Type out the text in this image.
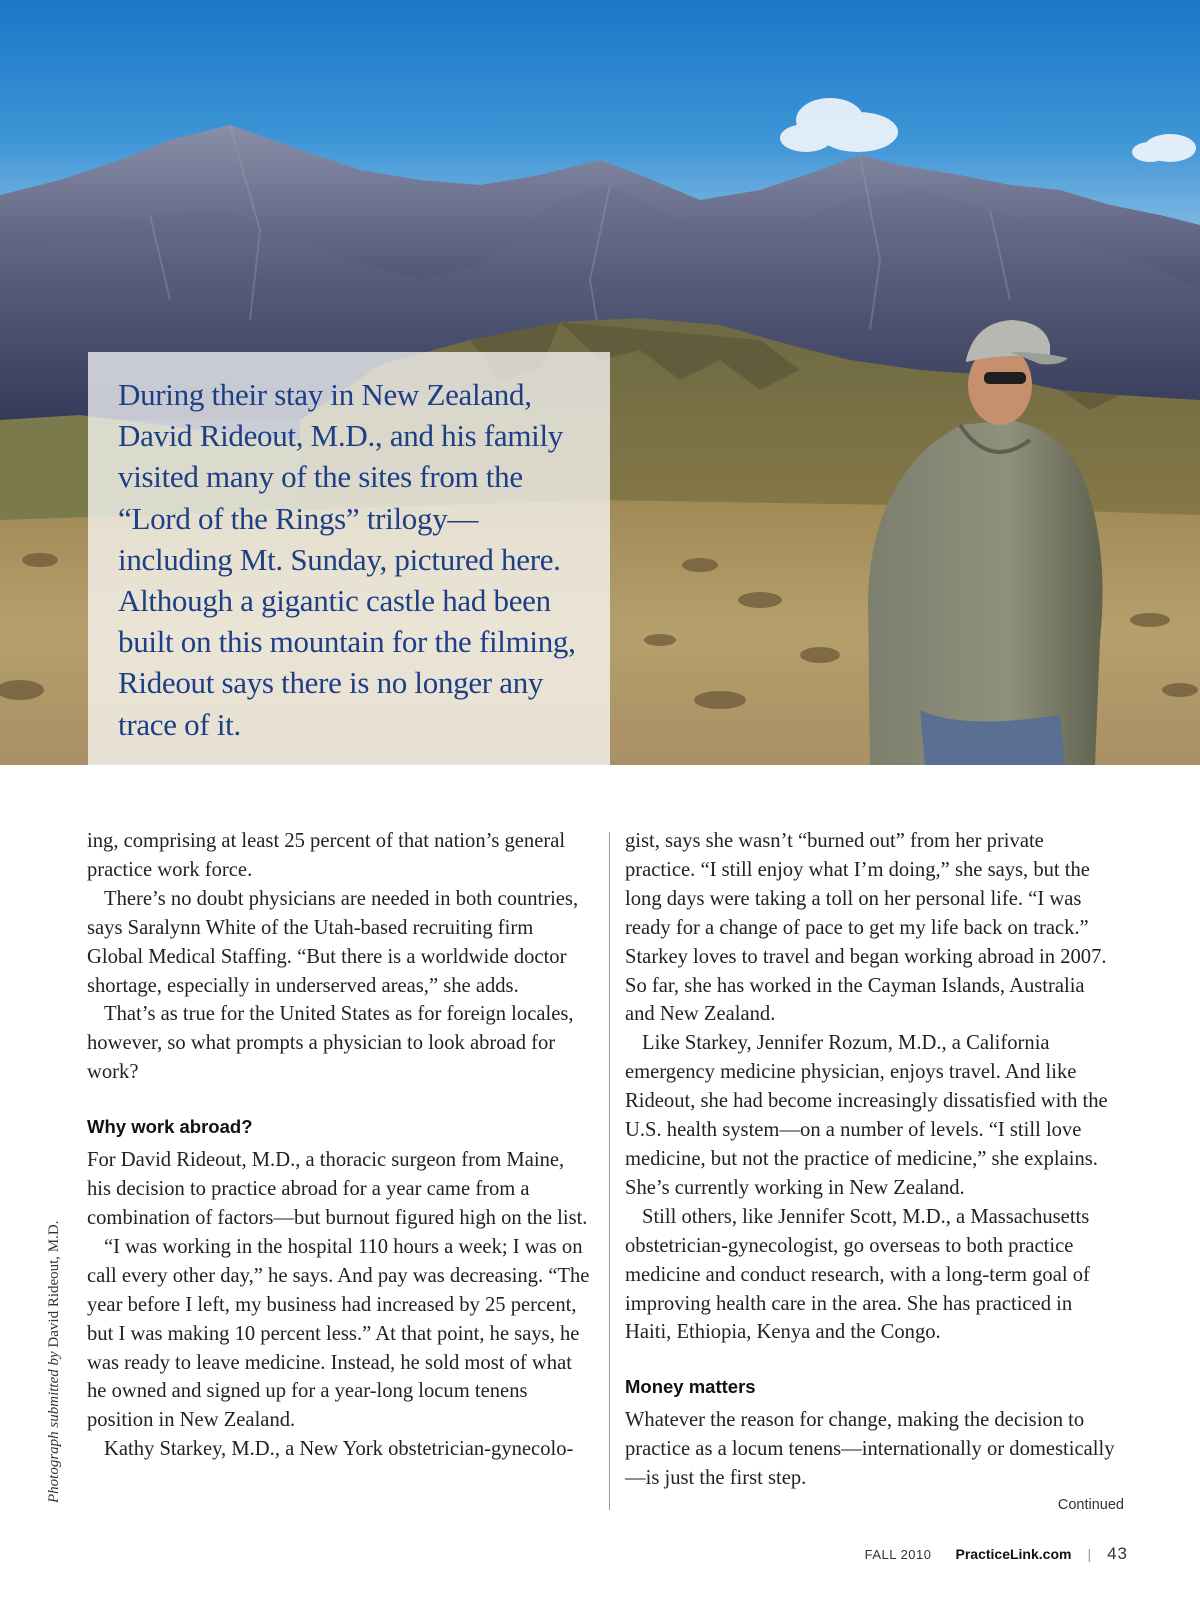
During their stay in New Zealand, David Rideout, M.D., and his family visited many of the sites from the “Lord of the Rings” trilogy—including Mt. Sunday, pictured here. Although a gigantic castle had been built on this mountain for the filming, Rideout says there is no longer any trace of it.

ing, comprising at least 25 percent of that nation’s general practice work force.

There’s no doubt physicians are needed in both countries, says Saralynn White of the Utah-based recruiting firm Global Medical Staffing. “But there is a worldwide doctor shortage, especially in underserved areas,” she adds.

That’s as true for the United States as for foreign locales, however, so what prompts a physician to look abroad for work?

Why work abroad?

For David Rideout, M.D., a thoracic surgeon from Maine, his decision to practice abroad for a year came from a combination of factors—but burnout figured high on the list.

“I was working in the hospital 110 hours a week; I was on call every other day,” he says. And pay was decreasing. “The year before I left, my business had increased by 25 percent, but I was making 10 percent less.” At that point, he says, he was ready to leave medicine. Instead, he sold most of what he owned and signed up for a year-long locum tenens position in New Zealand.

Kathy Starkey, M.D., a New York obstetrician-gynecolo-

gist, says she wasn’t “burned out” from her private practice. “I still enjoy what I’m doing,” she says, but the long days were taking a toll on her personal life. “I was ready for a change of pace to get my life back on track.” Starkey loves to travel and began working abroad in 2007. So far, she has worked in the Cayman Islands, Australia and New Zealand.

Like Starkey, Jennifer Rozum, M.D., a California emergency medicine physician, enjoys travel. And like Rideout, she had become increasingly dissatisfied with the U.S. health system—on a number of levels. “I still love medicine, but not the practice of medicine,” she explains. She’s currently working in New Zealand.

Still others, like Jennifer Scott, M.D., a Massachusetts obstetrician-gynecologist, go overseas to both practice medicine and conduct research, with a long-term goal of improving health care in the area. She has practiced in Haiti, Ethiopia, Kenya and the Congo.

Money matters

Whatever the reason for change, making the decision to practice as a locum tenens—internationally or domestically—is just the first step.

Photograph submitted by David Rideout, M.D.
Continued
FALL 2010 PracticeLink.com | 43
